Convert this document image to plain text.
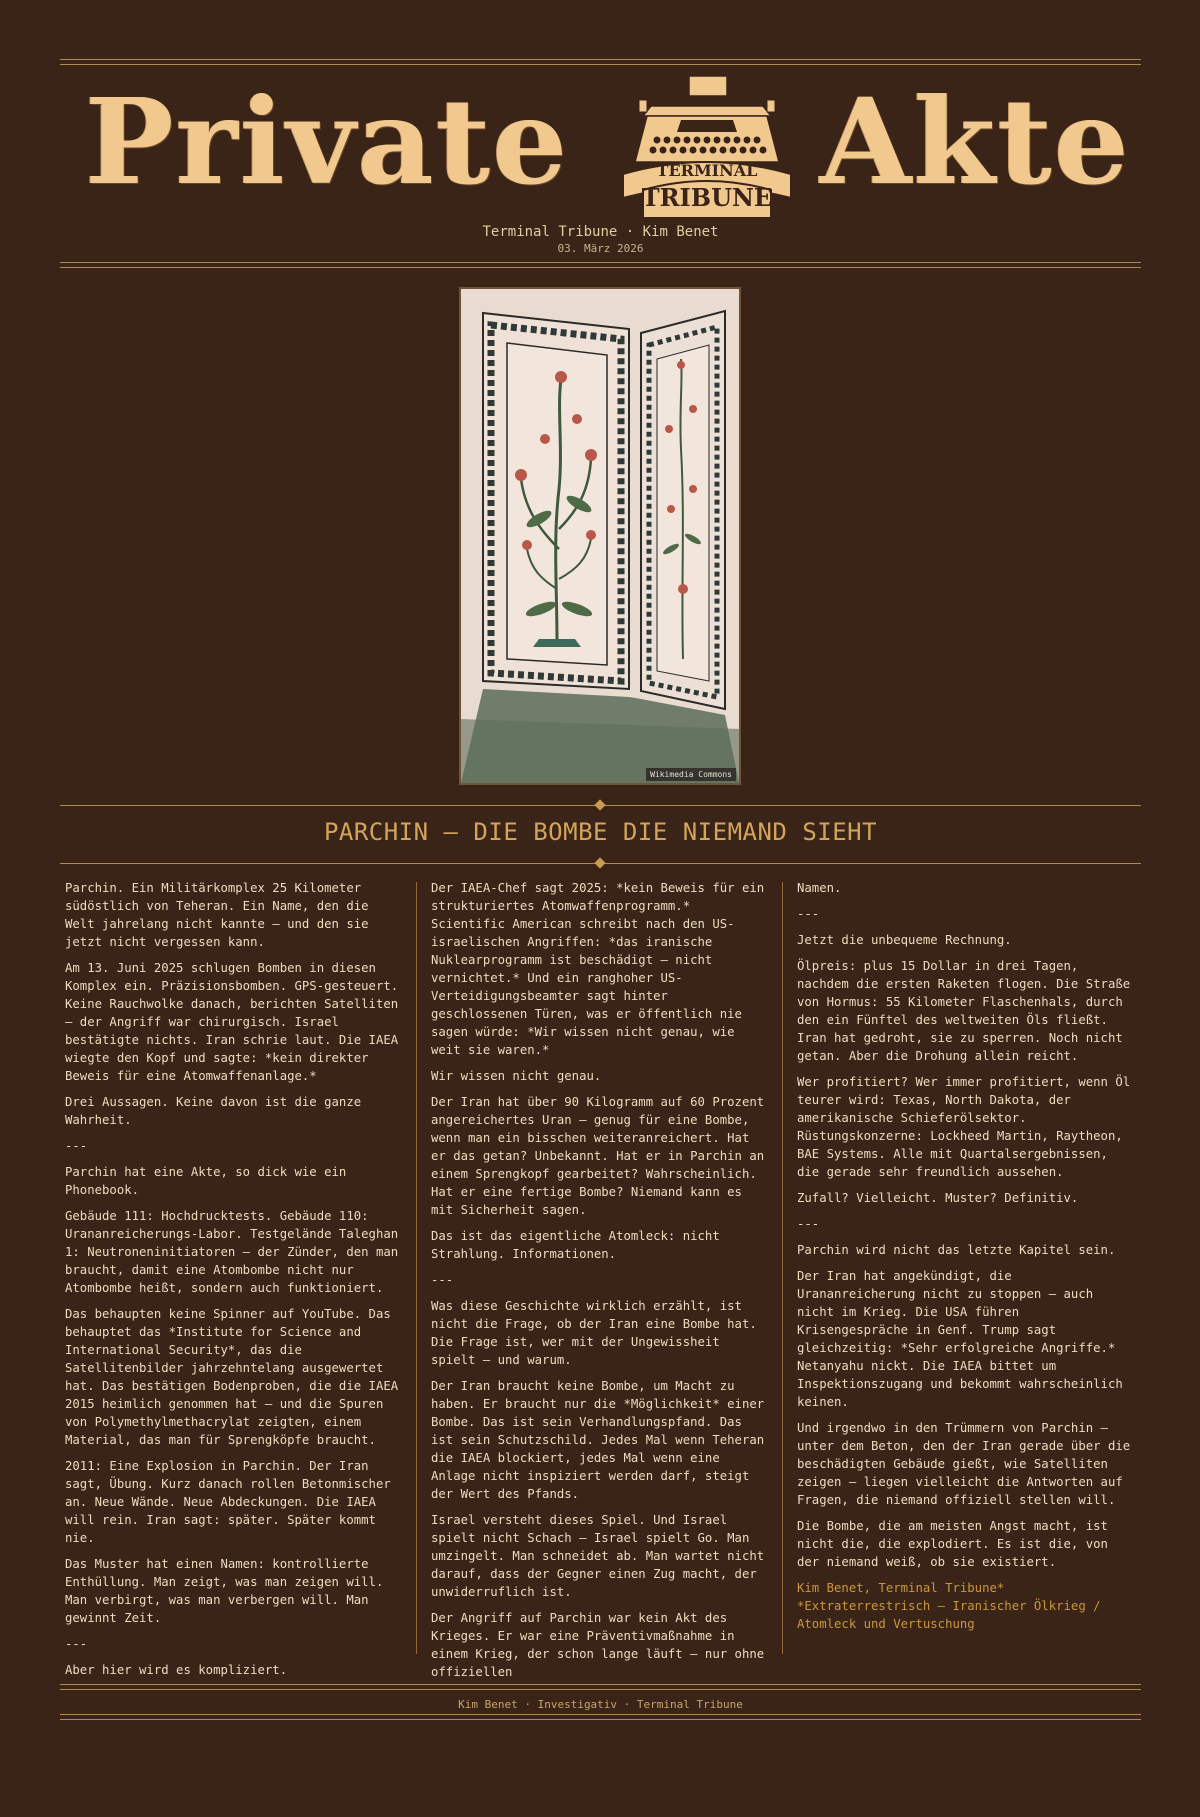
Private	TERMINAL
TRIBUNE Akte
Terminal Tribune · Kim Benet
03. März 2026
Wikimedia Commons
PARCHIN — DIE BOMBE DIE NIEMAND SIEHT

Parchin. Ein Militärkomplex 25 Kilometer südöstlich von Teheran. Ein Name, den die Welt jahrelang nicht kannte — und den sie jetzt nicht vergessen kann.

Am 13. Juni 2025 schlugen Bomben in diesen Komplex ein. Präzisionsbomben. GPS-gesteuert. Keine Rauchwolke danach, berichten Satelliten — der Angriff war chirurgisch. Israel bestätigte nichts. Iran schrie laut. Die IAEA wiegte den Kopf und sagte: *kein direkter Beweis für eine Atomwaffenanlage.*

Drei Aussagen. Keine davon ist die ganze Wahrheit.

---

Parchin hat eine Akte, so dick wie ein Phonebook.

Gebäude 111: Hochdrucktests. Gebäude 110: Urananreicherungs-Labor. Testgelände Taleghan 1: Neutroneninitiatoren — der Zünder, den man braucht, damit eine Atombombe nicht nur Atombombe heißt, sondern auch funktioniert.

Das behaupten keine Spinner auf YouTube. Das behauptet das *Institute for Science and International Security*, das die Satellitenbilder jahrzehntelang ausgewertet hat. Das bestätigen Bodenproben, die die IAEA 2015 heimlich genommen hat — und die Spuren von Polymethylmethacrylat zeigten, einem Material, das man für Sprengköpfe braucht.

2011: Eine Explosion in Parchin. Der Iran sagt, Übung. Kurz danach rollen Betonmischer an. Neue Wände. Neue Abdeckungen. Die IAEA will rein. Iran sagt: später. Später kommt nie.

Das Muster hat einen Namen: kontrollierte Enthüllung. Man zeigt, was man zeigen will. Man verbirgt, was man verbergen will. Man gewinnt Zeit.

---

Aber hier wird es kompliziert.

Der IAEA-Chef sagt 2025: *kein Beweis für ein strukturiertes Atomwaffenprogramm.* Scientific American schreibt nach den US-israelischen Angriffen: *das iranische Nuklearprogramm ist beschädigt — nicht vernichtet.* Und ein ranghoher US-Verteidigungsbeamter sagt hinter geschlossenen Türen, was er öffentlich nie sagen würde: *Wir wissen nicht genau, wie weit sie waren.*

Wir wissen nicht genau.

Der Iran hat über 90 Kilogramm auf 60 Prozent angereichertes Uran — genug für eine Bombe, wenn man ein bisschen weiteranreichert. Hat er das getan? Unbekannt. Hat er in Parchin an einem Sprengkopf gearbeitet? Wahrscheinlich. Hat er eine fertige Bombe? Niemand kann es mit Sicherheit sagen.

Das ist das eigentliche Atomleck: nicht Strahlung. Informationen.

---

Was diese Geschichte wirklich erzählt, ist nicht die Frage, ob der Iran eine Bombe hat. Die Frage ist, wer mit der Ungewissheit spielt — und warum.

Der Iran braucht keine Bombe, um Macht zu haben. Er braucht nur die *Möglichkeit* einer Bombe. Das ist sein Verhandlungspfand. Das ist sein Schutzschild. Jedes Mal wenn Teheran die IAEA blockiert, jedes Mal wenn eine Anlage nicht inspiziert werden darf, steigt der Wert des Pfands.

Israel versteht dieses Spiel. Und Israel spielt nicht Schach — Israel spielt Go. Man umzingelt. Man schneidet ab. Man wartet nicht darauf, dass der Gegner einen Zug macht, der unwiderruflich ist.

Der Angriff auf Parchin war kein Akt des Krieges. Er war eine Präventivmaßnahme in einem Krieg, der schon lange läuft — nur ohne offiziellen

Namen.

---

Jetzt die unbequeme Rechnung.

Ölpreis: plus 15 Dollar in drei Tagen, nachdem die ersten Raketen flogen. Die Straße von Hormus: 55 Kilometer Flaschenhals, durch den ein Fünftel des weltweiten Öls fließt. Iran hat gedroht, sie zu sperren. Noch nicht getan. Aber die Drohung allein reicht.

Wer profitiert? Wer immer profitiert, wenn Öl teurer wird: Texas, North Dakota, der amerikanische Schieferölsektor. Rüstungskonzerne: Lockheed Martin, Raytheon, BAE Systems. Alle mit Quartalsergebnissen, die gerade sehr freundlich aussehen.

Zufall? Vielleicht. Muster? Definitiv.

---

Parchin wird nicht das letzte Kapitel sein.

Der Iran hat angekündigt, die Urananreicherung nicht zu stoppen — auch nicht im Krieg. Die USA führen Krisengespräche in Genf. Trump sagt gleichzeitig: *Sehr erfolgreiche Angriffe.* Netanyahu nickt. Die IAEA bittet um Inspektionszugang und bekommt wahrscheinlich keinen.

Und irgendwo in den Trümmern von Parchin — unter dem Beton, den der Iran gerade über die beschädigten Gebäude gießt, wie Satelliten zeigen — liegen vielleicht die Antworten auf Fragen, die niemand offiziell stellen will.

Die Bombe, die am meisten Angst macht, ist nicht die, die explodiert. Es ist die, von der niemand weiß, ob sie existiert.

Kim Benet, Terminal Tribune* *Extraterrestrisch — Iranischer Ölkrieg / Atomleck und Vertuschung

Kim Benet · Investigativ · Terminal Tribune
